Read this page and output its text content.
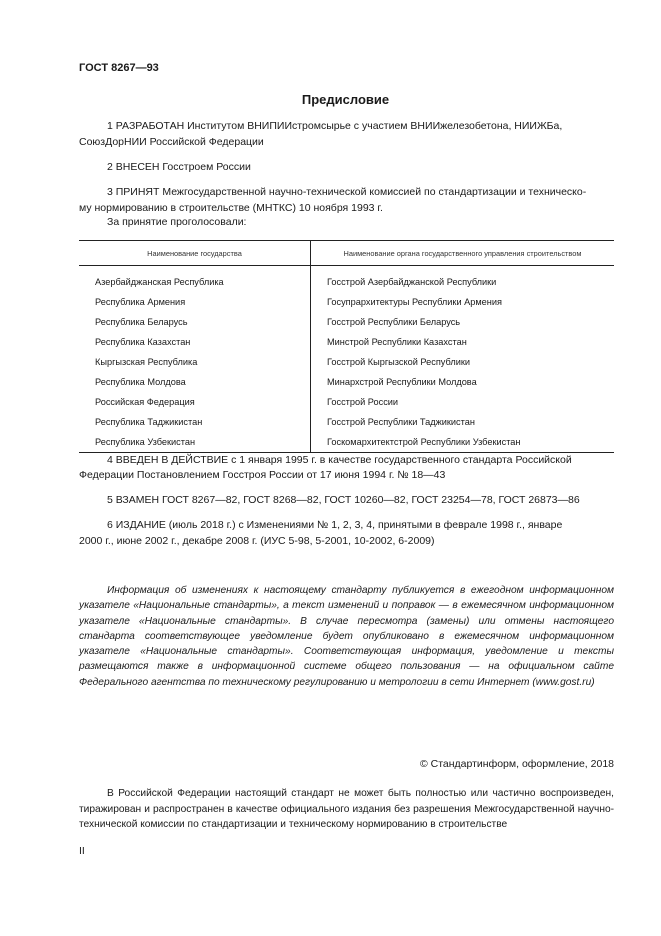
ГОСТ 8267—93
Предисловие
1 РАЗРАБОТАН Институтом ВНИПИИстромсырье с участием ВНИИжелезобетона, НИИЖБа,
СоюзДорНИИ Российской Федерации
2 ВНЕСЕН Госстроем России
3 ПРИНЯТ Межгосударственной научно-технической комиссией по стандартизации и техническо-
му нормированию в строительстве (МНТКС) 10 ноября 1993 г.
За принятие проголосовали:
Наименование государства	Наименование органа государственного управления строительством
Азербайджанская Республика	Госстрой Азербайджанской Республики
Республика Армения	Госупрархитектуры Республики Армения
Республика Беларусь	Госстрой Республики Беларусь
Республика Казахстан	Минстрой Республики Казахстан
Кыргызская Республика	Госстрой Кыргызской Республики
Республика Молдова	Минархстрой Республики Молдова
Российская Федерация	Госстрой России
Республика Таджикистан	Госстрой Республики Таджикистан
Республика Узбекистан	Госкомархитектстрой Республики Узбекистан
4 ВВЕДЕН В ДЕЙСТВИЕ с 1 января 1995 г. в качестве государственного стандарта Российской
Федерации Постановлением Госстроя России от 17 июня 1994 г. № 18—43
5 ВЗАМЕН ГОСТ 8267—82, ГОСТ 8268—82, ГОСТ 10260—82, ГОСТ 23254—78, ГОСТ 26873—86
6 ИЗДАНИЕ (июль 2018 г.) с Изменениями № 1, 2, 3, 4, принятыми в феврале 1998 г., январе
2000 г., июне 2002 г., декабре 2008 г. (ИУС 5-98, 5-2001, 10-2002, 6-2009)
Информация об изменениях к настоящему стандарту публикуется в ежегодном информационном указателе «Национальные стандарты», а текст изменений и поправок — в ежемесячном информационном указателе «Национальные стандарты». В случае пересмотра (замены) или отмены настоящего стандарта соответствующее уведомление будет опубликовано в ежемесячном информационном указателе «Национальные стандарты». Соответствующая информация, уведомление и тексты размещаются также в информационной системе общего пользования — на официальном сайте Федерального агентства по техническому регулированию и метрологии в сети Интернет (www.gost.ru)
© Стандартинформ, оформление, 2018
В Российской Федерации настоящий стандарт не может быть полностью или частично воспроизведен, тиражирован и распространен в качестве официального издания без разрешения Межгосударственной научно-технической комиссии по стандартизации и техническому нормированию в строительстве
II
